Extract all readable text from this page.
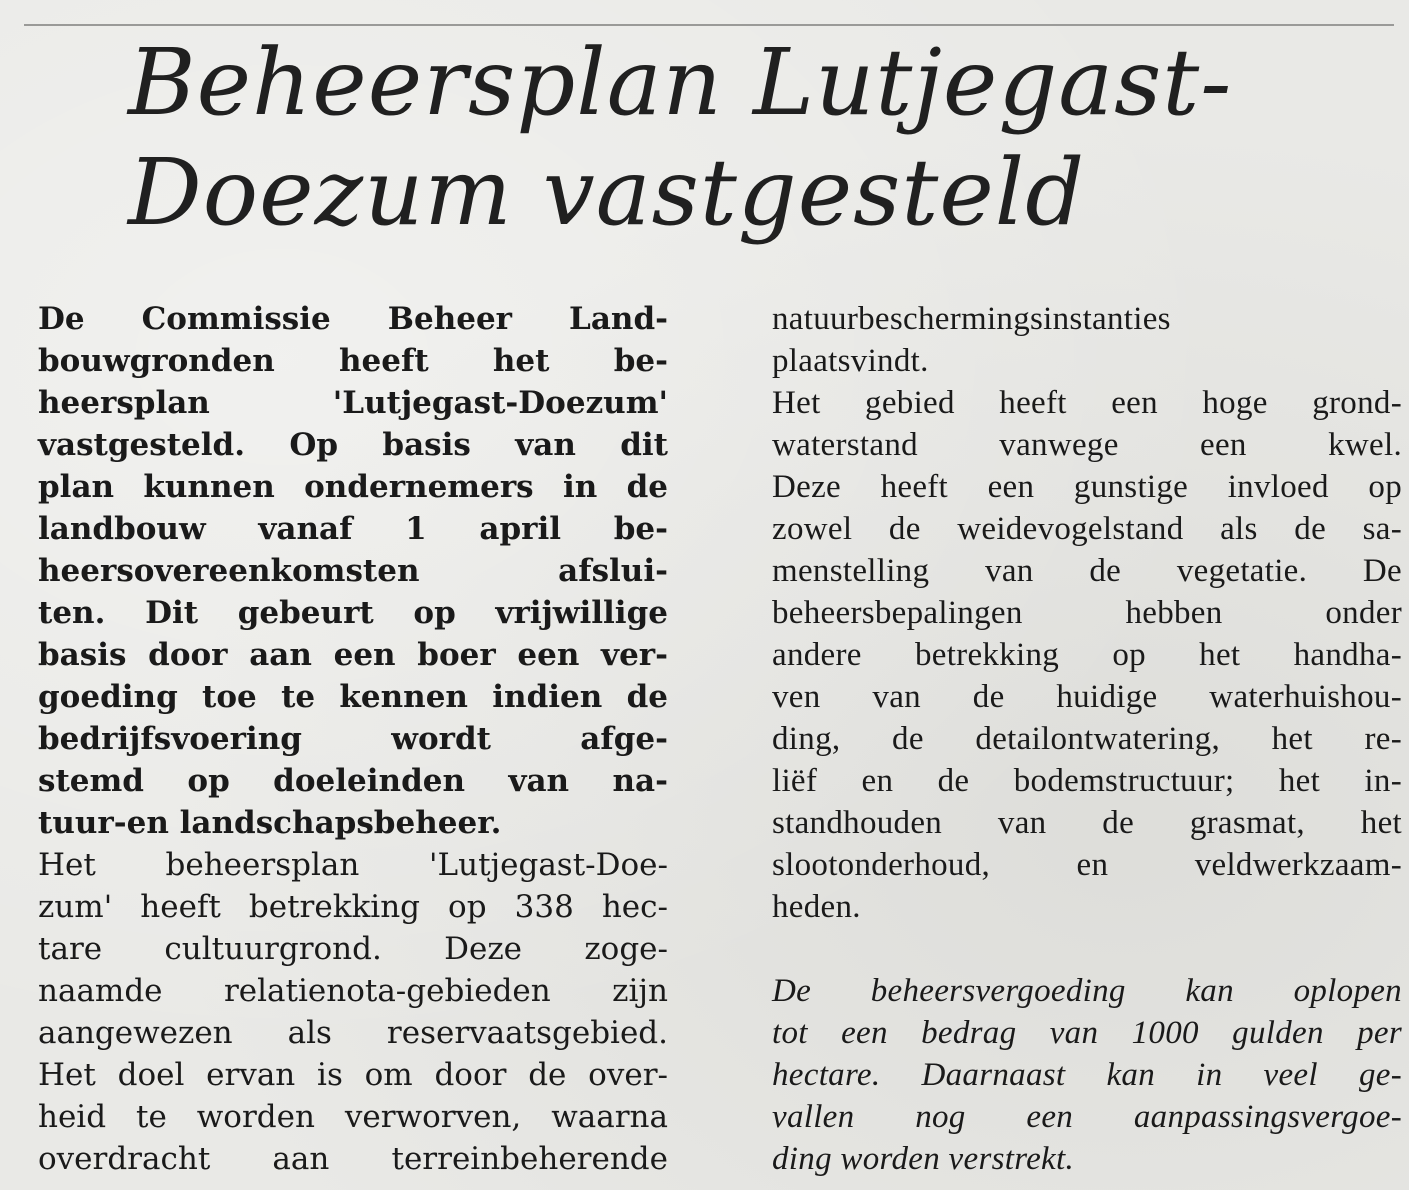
Beheersplan Lutjegast-
Doezum vastgesteld
De Commissie Beheer Land-
bouwgronden heeft het be-
heersplan 'Lutjegast-Doezum'
vastgesteld. Op basis van dit
plan kunnen ondernemers in de
landbouw vanaf 1 april be-
heersovereenkomsten afslui-
ten. Dit gebeurt op vrijwillige
basis door aan een boer een ver-
goeding toe te kennen indien de
bedrijfsvoering wordt afge-
stemd op doeleinden van na-
tuur-en landschapsbeheer.
Het beheersplan 'Lutjegast-Doe-
zum' heeft betrekking op 338 hec-
tare cultuurgrond. Deze zoge-
naamde relatienota-gebieden zijn
aangewezen als reservaatsgebied.
Het doel ervan is om door de over-
heid te worden verworven, waarna
overdracht aan terreinbeherende
natuurbeschermingsinstanties
plaatsvindt.
Het gebied heeft een hoge grond-
waterstand vanwege een kwel.
Deze heeft een gunstige invloed op
zowel de weidevogelstand als de sa-
menstelling van de vegetatie. De
beheersbepalingen hebben onder
andere betrekking op het handha-
ven van de huidige waterhuishou-
ding, de detailontwatering, het re-
liëf en de bodemstructuur; het in-
standhouden van de grasmat, het
slootonderhoud, en veldwerkzaam-
heden.
De beheersvergoeding kan oplopen
tot een bedrag van 1000 gulden per
hectare. Daarnaast kan in veel ge-
vallen nog een aanpassingsvergoe-
ding worden verstrekt.
